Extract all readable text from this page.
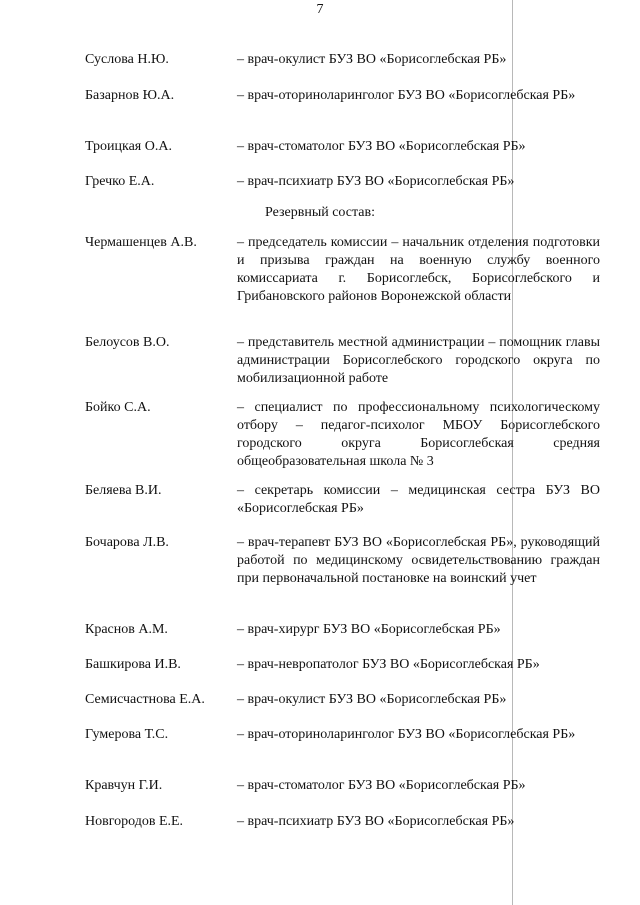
7
Суслова Н.Ю.	– врач-окулист БУЗ ВО «Борисоглебская РБ»
Базарнов Ю.А.	– врач-оториноларинголог БУЗ ВО «Борисоглебская РБ»
Троицкая О.А.	– врач-стоматолог БУЗ ВО «Борисоглебская РБ»
Гречко Е.А.	– врач-психиатр БУЗ ВО «Борисоглебская РБ»
Резервный состав:
Чермашенцев А.В.	– председатель комиссии – начальник отделения подготовки и призыва граждан на военную службу военного комиссариата г. Борисоглебск, Борисоглебского и Грибановского районов Воронежской области
Белоусов В.О.	– представитель местной администрации – помощник главы администрации Борисоглебского городского округа по мобилизационной работе
Бойко С.А.	– специалист по профессиональному психологическому отбору – педагог-психолог МБОУ Борисоглебского городского округа Борисоглебская средняя общеобразовательная школа № 3
Беляева В.И.	– секретарь комиссии – медицинская сестра БУЗ ВО «Борисоглебская РБ»
Бочарова Л.В.	– врач-терапевт БУЗ ВО «Борисоглебская РБ», руководящий работой по медицинскому освидетельствованию граждан при первоначальной постановке на воинский учет
Краснов А.М.	– врач-хирург БУЗ ВО «Борисоглебская РБ»
Башкирова И.В.	– врач-невропатолог БУЗ ВО «Борисоглебская РБ»
Семисчастнова Е.А. – врач-окулист БУЗ ВО «Борисоглебская РБ»
Гумерова Т.С.	– врач-оториноларинголог БУЗ ВО «Борисоглебская РБ»
Кравчун Г.И.	– врач-стоматолог БУЗ ВО «Борисоглебская РБ»
Новгородов Е.Е.	– врач-психиатр БУЗ ВО «Борисоглебская РБ»
